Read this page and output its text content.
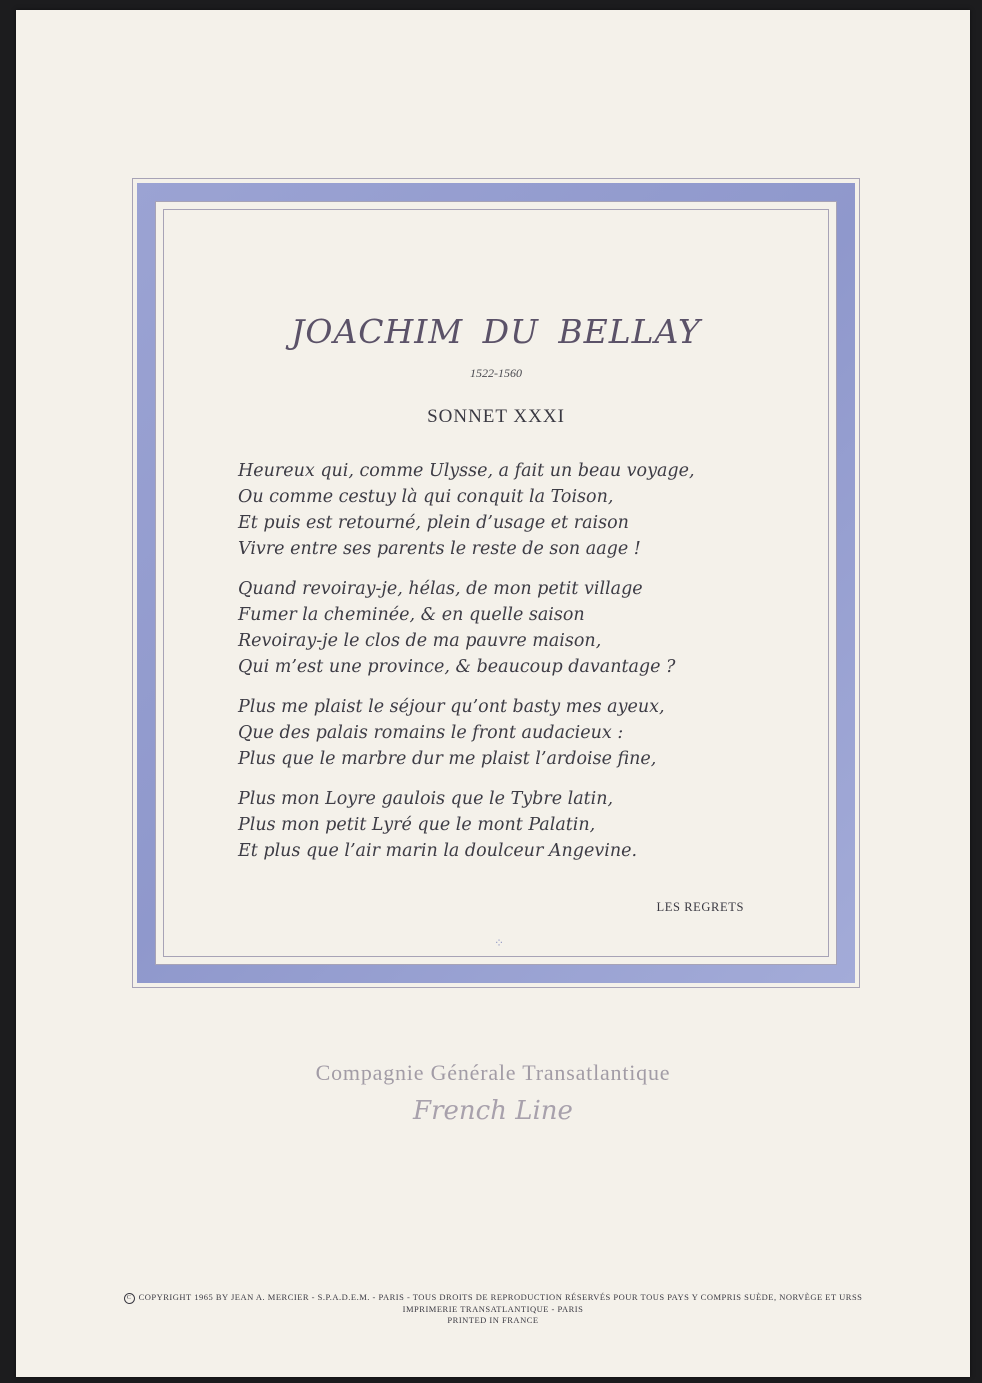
JOACHIM DU BELLAY
1522-1560
SONNET XXXI
Heureux qui, comme Ulysse, a fait un beau voyage,
Ou comme cestuy là qui conquit la Toison,
Et puis est retourné, plein d’usage et raison
Vivre entre ses parents le reste de son aage !
Quand revoiray-je, hélas, de mon petit village
Fumer la cheminée, & en quelle saison
Revoiray-je le clos de ma pauvre maison,
Qui m’est une province, & beaucoup davantage ?
Plus me plaist le séjour qu’ont basty mes ayeux,
Que des palais romains le front audacieux :
Plus que le marbre dur me plaist l’ardoise fine,
Plus mon Loyre gaulois que le Tybre latin,
Plus mon petit Lyré que le mont Palatin,
Et plus que l’air marin la doulceur Angevine.
LES REGRETS
⁘
Compagnie Générale Transatlantique
French Line
C COPYRIGHT 1965 BY JEAN A. MERCIER - S.P.A.D.E.M. - PARIS - TOUS DROITS DE REPRODUCTION RÉSERVÉS POUR TOUS PAYS Y COMPRIS SUÈDE, NORVÈGE ET URSS
IMPRIMERIE TRANSATLANTIQUE - PARIS
PRINTED IN FRANCE
